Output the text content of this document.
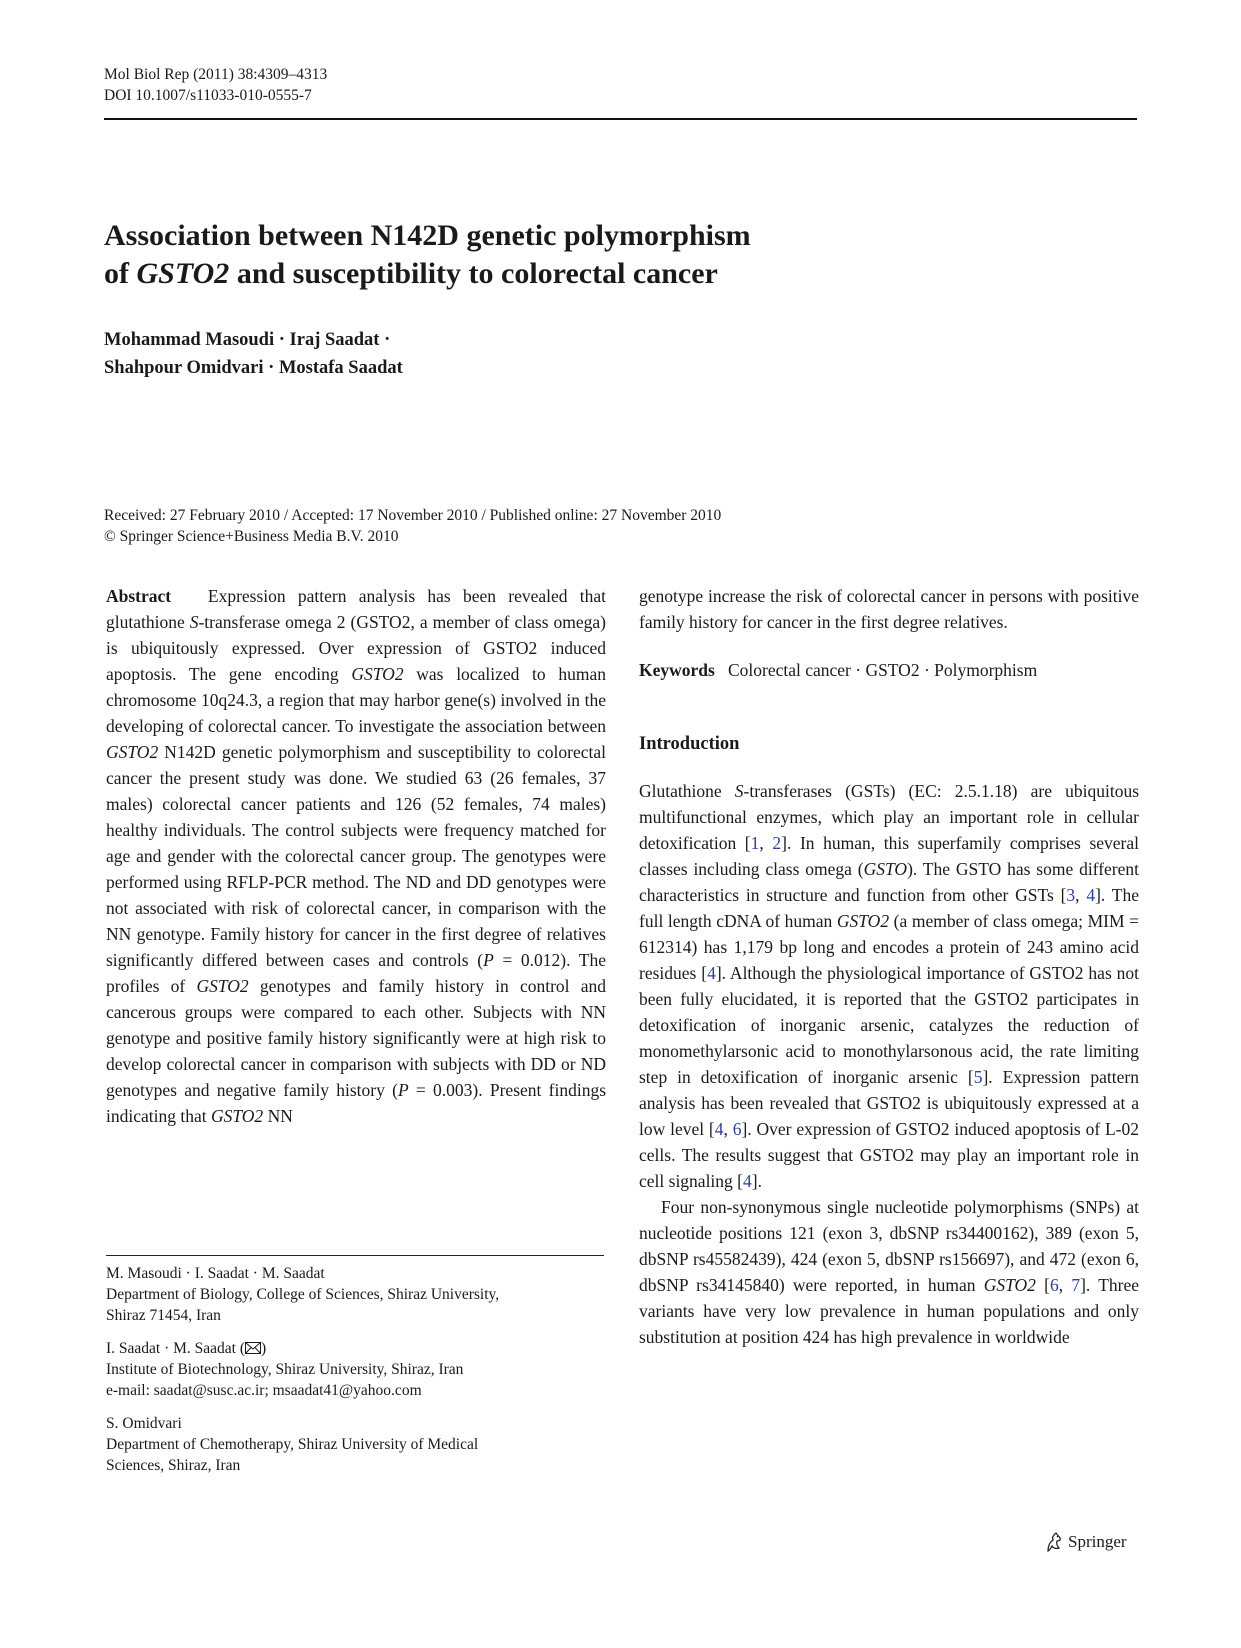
Mol Biol Rep (2011) 38:4309–4313
DOI 10.1007/s11033-010-0555-7
Association between N142D genetic polymorphism
of GSTO2 and susceptibility to colorectal cancer
Mohammad Masoudi · Iraj Saadat ·
Shahpour Omidvari · Mostafa Saadat
Received: 27 February 2010 / Accepted: 17 November 2010 / Published online: 27 November 2010
© Springer Science+Business Media B.V. 2010

Abstract Expression pattern analysis has been revealed that glutathione S-transferase omega 2 (GSTO2, a member of class omega) is ubiquitously expressed. Over expression of GSTO2 induced apoptosis. The gene encoding GSTO2 was localized to human chromosome 10q24.3, a region that may harbor gene(s) involved in the developing of colorectal cancer. To investigate the association between GSTO2 N142D genetic polymorphism and susceptibility to colorectal cancer the present study was done. We studied 63 (26 females, 37 males) colorectal cancer patients and 126 (52 females, 74 males) healthy individuals. The control subjects were frequency matched for age and gender with the colorectal cancer group. The genotypes were performed using RFLP-PCR method. The ND and DD genotypes were not associated with risk of colorectal cancer, in comparison with the NN genotype. Family history for cancer in the first degree of relatives significantly differed between cases and controls (P = 0.012). The profiles of GSTO2 genotypes and family history in control and cancerous groups were compared to each other. Subjects with NN genotype and positive family history significantly were at high risk to develop colorectal cancer in comparison with subjects with DD or ND genotypes and negative family history (P = 0.003). Present findings indicating that GSTO2 NN

M. Masoudi · I. Saadat · M. Saadat
Department of Biology, College of Sciences, Shiraz University,
Shiraz 71454, Iran
I. Saadat · M. Saadat ( )
Institute of Biotechnology, Shiraz University, Shiraz, Iran
e-mail: saadat@susc.ac.ir; msaadat41@yahoo.com
S. Omidvari
Department of Chemotherapy, Shiraz University of Medical
Sciences, Shiraz, Iran

genotype increase the risk of colorectal cancer in persons with positive family history for cancer in the first degree relatives.

Keywords Colorectal cancer · GSTO2 · Polymorphism

Introduction

Glutathione S-transferases (GSTs) (EC: 2.5.1.18) are ubiquitous multifunctional enzymes, which play an important role in cellular detoxification [1, 2]. In human, this superfamily comprises several classes including class omega (GSTO). The GSTO has some different characteristics in structure and function from other GSTs [3, 4]. The full length cDNA of human GSTO2 (a member of class omega; MIM = 612314) has 1,179 bp long and encodes a protein of 243 amino acid residues [4]. Although the physiological importance of GSTO2 has not been fully elucidated, it is reported that the GSTO2 participates in detoxification of inorganic arsenic, catalyzes the reduction of monomethylarsonic acid to monothylarsonous acid, the rate limiting step in detoxification of inorganic arsenic [5]. Expression pattern analysis has been revealed that GSTO2 is ubiquitously expressed at a low level [4, 6]. Over expression of GSTO2 induced apoptosis of L-02 cells. The results suggest that GSTO2 may play an important role in cell signaling [4].

Four non-synonymous single nucleotide polymorphisms (SNPs) at nucleotide positions 121 (exon 3, dbSNP rs34400162), 389 (exon 5, dbSNP rs45582439), 424 (exon 5, dbSNP rs156697), and 472 (exon 6, dbSNP rs34145840) were reported, in human GSTO2 [6, 7]. Three variants have very low prevalence in human populations and only substitution at position 424 has high prevalence in worldwide

Springer
